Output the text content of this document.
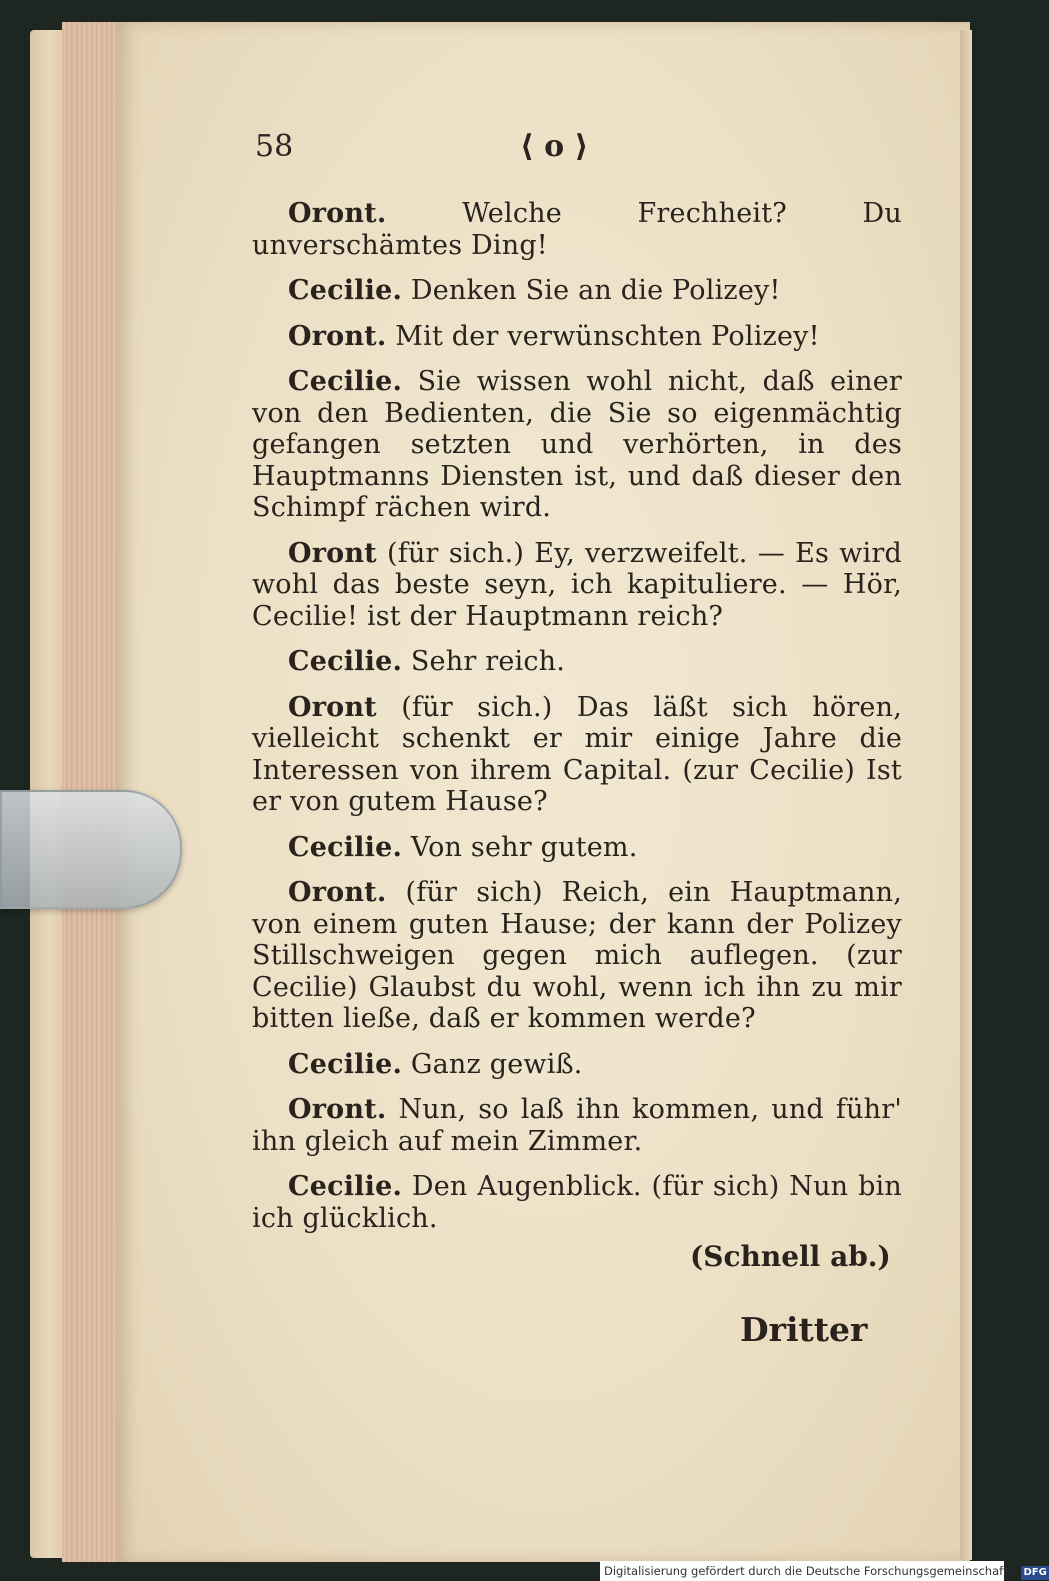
58	⟨ o ⟩

Oront.	Welche Frechheit? Du unverschämtes Ding!

Cecilie. Denken Sie an die Polizey!

Oront. Mit der verwünschten Polizey!

Cecilie. Sie wissen wohl nicht, daß einer von den Bedienten, die Sie so eigenmächtig gefangen setzten und verhörten, in des Hauptmanns Diensten ist, und daß dieser den Schimpf rächen wird.

Oront (für sich.) Ey, verzweifelt. — Es wird wohl das beste seyn, ich kapituliere. — Hör, Cecilie! ist der Hauptmann reich?

Cecilie. Sehr reich.

Oront (für sich.) Das läßt sich hören, vielleicht schenkt er mir einige Jahre die Interessen von ihrem Capital. (zur Cecilie) Ist er von gutem Hause?

Cecilie. Von sehr gutem.

Oront. (für sich) Reich, ein Hauptmann, von einem guten Hause; der kann der Polizey Stillschweigen gegen mich auflegen. (zur Cecilie) Glaubst du wohl, wenn ich ihn zu mir bitten ließe, daß er kommen werde?

Cecilie. Ganz gewiß.

Oront. Nun, so laß ihn kommen, und führ' ihn gleich auf mein Zimmer.

Cecilie. Den Augenblick. (für sich) Nun bin ich glücklich.

(Schnell ab.)
Dritter
Digitalisierung gefördert durch die Deutsche Forschungsgemeinschaft · DFG
